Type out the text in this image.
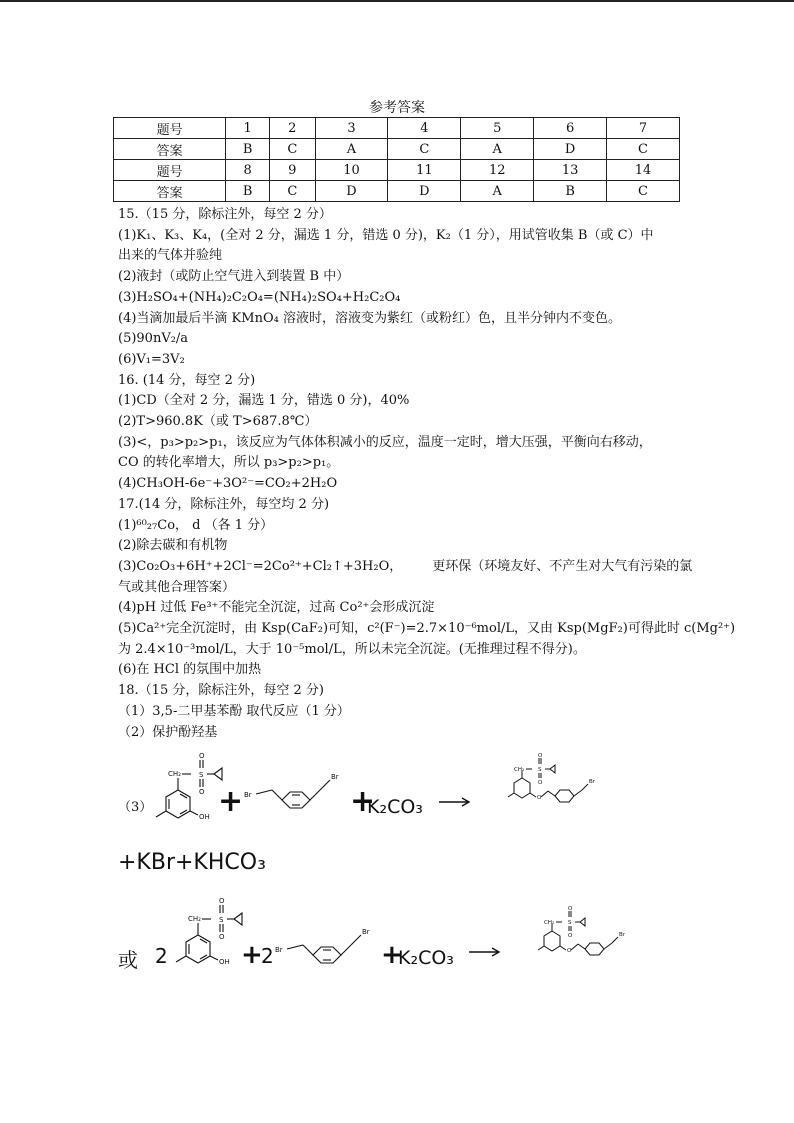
参考答案
题号	1	2	3	4	5	6	7
答案	B	C	A	C	A	D	C
题号	8	9	10	11	12	13	14
答案	B	C	D	D	A	B	C
15.（15 分，除标注外，每空 2 分）
(1)K₁、K₃、K₄，(全对 2 分，漏选 1 分，错选 0 分)，K₂（1 分），用试管收集 B（或 C）中
出来的气体并验纯
(2)液封（或防止空气进入到装置 B 中）
(3)H₂SO₄+(NH₄)₂C₂O₄=(NH₄)₂SO₄+H₂C₂O₄
(4)当滴加最后半滴 KMnO₄ 溶液时，溶液变为紫红（或粉红）色，且半分钟内不变色。
(5)90nV₂/a
(6)V₁=3V₂
16. (14 分，每空 2 分)
(1)CD（全对 2 分，漏选 1 分，错选 0 分)，40%
(2)T>960.8K（或 T>687.8℃）
(3)<，p₃>p₂>p₁，该反应为气体体积减小的反应，温度一定时，增大压强，平衡向右移动，
CO 的转化率增大，所以 p₃>p₂>p₁。
(4)CH₃OH-6e⁻+3O²⁻=CO₂+2H₂O
17.(14 分，除标注外，每空均 2 分)
(1)⁶⁰₂₇Co， d （各 1 分）
(2)除去碳和有机物
(3)Co₂O₃+6H⁺+2Cl⁻=2Co²⁺+Cl₂↑+3H₂O， 更环保（环境友好、不产生对大气有污染的氯
气或其他合理答案）
(4)pH 过低 Fe³⁺不能完全沉淀，过高 Co²⁺会形成沉淀
(5)Ca²⁺完全沉淀时，由 Ksp(CaF₂)可知，c²(F⁻)=2.7×10⁻⁶mol/L，又由 Ksp(MgF₂)可得此时 c(Mg²⁺)
为 2.4×10⁻³mol/L，大于 10⁻⁵mol/L，所以未完全沉淀。(无推理过程不得分)。
(6)在 HCl 的氛围中加热
18.（15 分，除标注外，每空 2 分)
（1）3,5-二甲基苯酚 取代反应（1 分）
（2）保护酚羟基
（3）
CH₂	S
O
O
OH + Br
Br
+
K₂CO₃ →
CH₂	S
O
O
O
Br
+KBr+KHCO₃
或 2
CH₂	S
O
O
OH +
2 Br
Br
+
K₂CO₃ →
CH₂	S
O
O
O
Br
